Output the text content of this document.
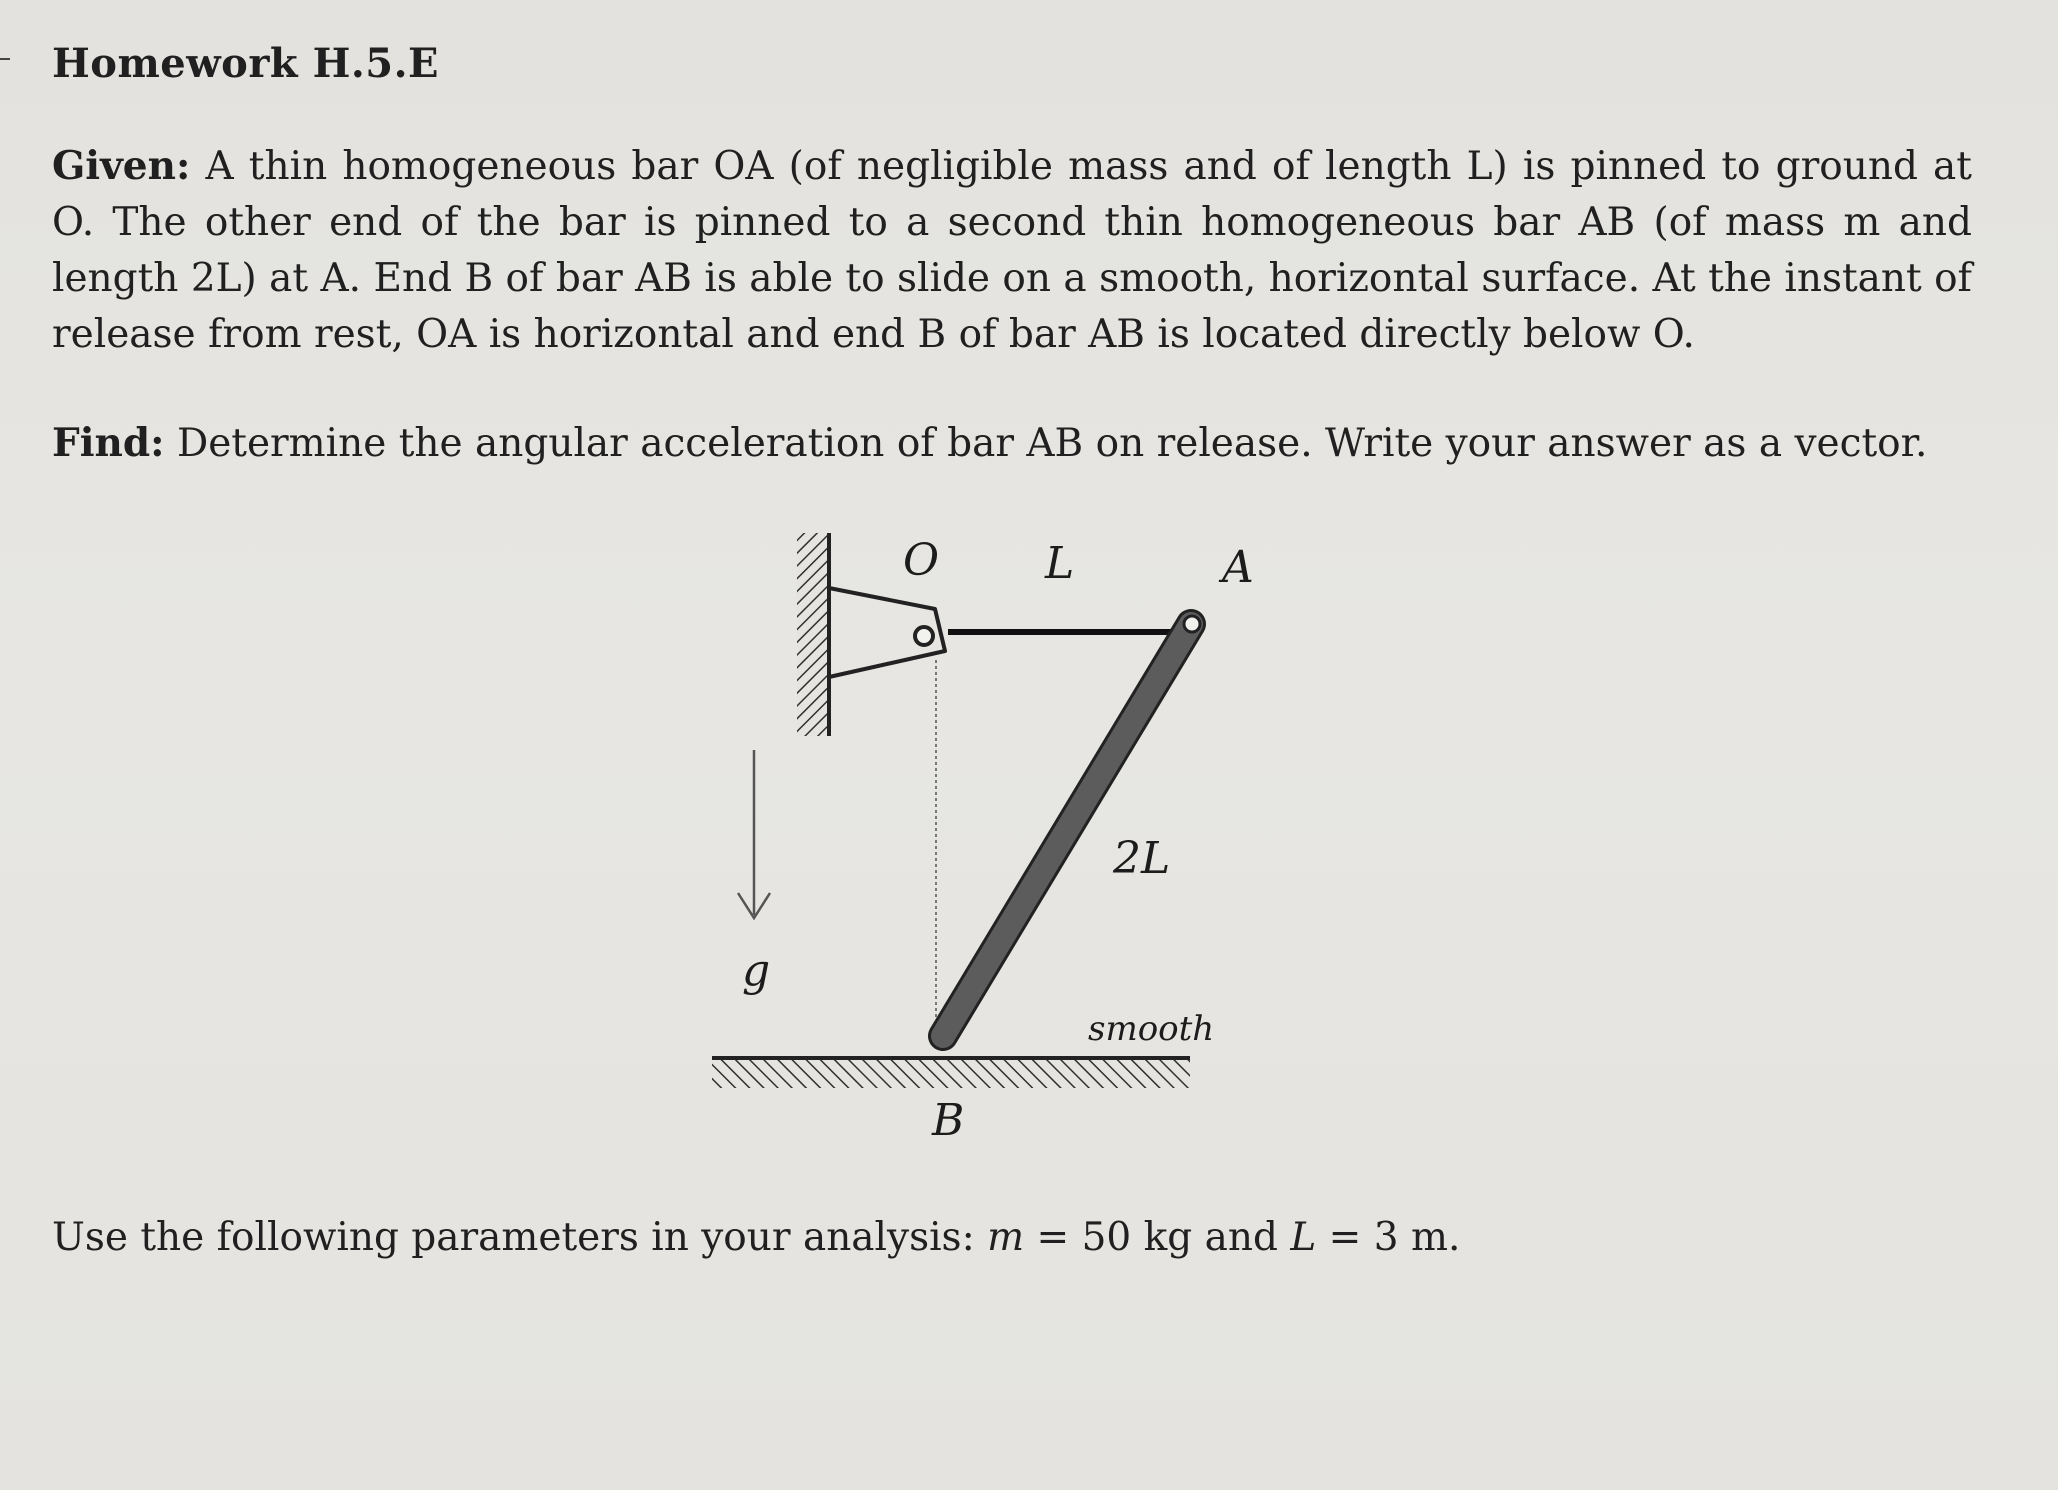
Homework H.5.E
Given: A thin homogeneous bar OA (of negligible mass and of length L) is pinned to ground at O. The other end of the bar is pinned to a second thin homogeneous bar AB (of mass m and length 2L) at A. End B of bar AB is able to slide on a smooth, horizontal surface. At the instant of release from rest, OA is horizontal and end B of bar AB is located directly below O.
Find: Determine the angular acceleration of bar AB on release. Write your answer as a vector.
O L	A
2L
g
smooth
B
Use the following parameters in your analysis: m = 50 kg and L = 3 m.
